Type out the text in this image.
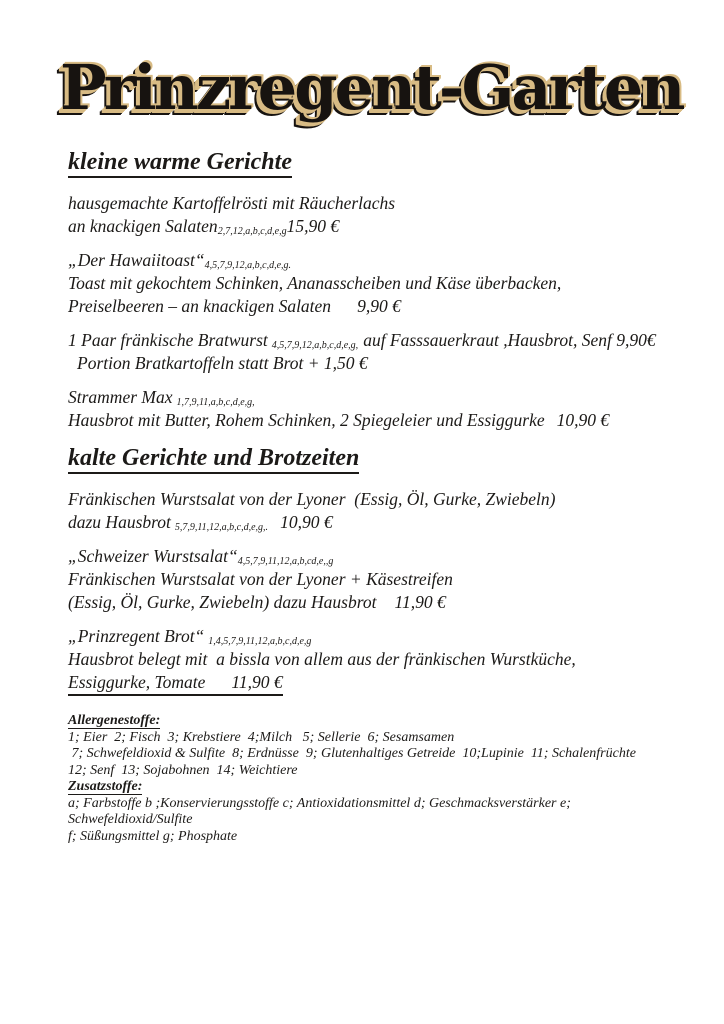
Prinzregent-Garten
kleine warme Gerichte

hausgemachte Kartoffelrösti mit Räucherlachs

an knackigen Salaten$_{2,7,12,a,b,c,d,e,g}$15,90 €

„Der $Hawaiitoast“_{4,5,7,9,12,a,b,c,d,e,g.}$

Toast mit gekochtem Schinken, Ananasscheiben und Käse überbacken,

Preiselbeeren – an knackigen Salaten 9,90 €

1 Paar fränkische Bratwurst $_{4,5,7,9,12,a,b,c,d,e,g,}$ auf Fasssauerkraut ,Hausbrot, Senf 9,90€

Portion Bratkartoffeln statt Brot + 1,50 €

Strammer Max $_{1,7,9,11,a,b,c,d,e,g,}$

Hausbrot mit Butter, Rohem Schinken, 2 Spiegeleier und Essiggurke 10,90 €

kalte Gerichte und Brotzeiten

Fränkischen Wurstsalat von der Lyoner  (Essig, Öl, Gurke, Zwiebeln)

dazu Hausbrot $_{5,7,9,11,12,a,b,c,d,e,g,.}$ 10,90 €

„Schweizer $Wurstsalat“_{4,5,7,9,11,12,a,b,cd,e,,g}$

Fränkischen Wurstsalat von der Lyoner + Käsestreifen

(Essig, Öl, Gurke, Zwiebeln) dazu Hausbrot 11,90 €

„Prinzregent Brot“ $_{1,4,5,7,9,11,12,a,b,c,d,e,g}$

Hausbrot belegt mit  a bissla von allem aus der fränkischen Wurstküche,

Essiggurke, Tomate 11,90 €

Allergenestoffe:

1; Eier  2; Fisch  3; Krebstiere  4;Milch   5; Sellerie  6; Sesamsamen

7; Schwefeldioxid & Sulfite  8; Erdnüsse  9; Glutenhaltiges Getreide  10;Lupinie  11; Schalenfrüchte

12; Senf  13; Sojabohnen  14; Weichtiere

Zusatzstoffe:

a; Farbstoffe b ;Konservierungsstoffe c; Antioxidationsmittel d; Geschmacksverstärker e; Schwefeldioxid/Sulfite

f; Süßungsmittel g; Phosphate
